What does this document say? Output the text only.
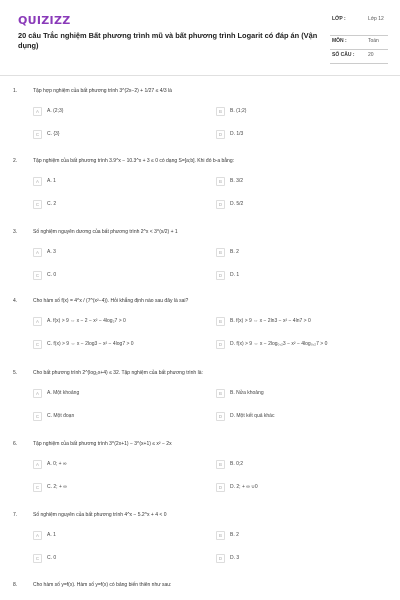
QUIZIZZ
20 câu Trắc nghiệm Bất phương trình mũ và bất phương trình Logarit có đáp án (Vận dụng)
LỚP :	Lớp 12
MÔN :	Toán
SỐ CÂU :	20
1.	Tập hợp nghiệm của bất phương trình 3^(2x−2) + 1/27 ≤ 4/3 là
A	A. (2;3)	B	B. (1;2)
C	C. {3}	D	D. 1/3
2.	Tập nghiệm của bất phương trình 3.9^x − 10.3^x + 3 ≤ 0 có dạng S=[a;b]. Khi đó b-a bằng:
A	A. 1	B	B. 3/2
C	C. 2	D	D. 5/2
3.	Số nghiệm nguyên dương của bất phương trình 2^x < 3^(x/2) + 1
A	A. 3	B	B. 2
C	C. 0	D	D. 1
4.	Cho hàm số f(x) = 4^x / (7^(x²−4)). Hỏi khẳng định nào sau đây là sai?
A	A. f(x) > 9 ⇔ x − 2 − x² − 4log₂7 > 0	B	B. f(x) > 9 ⇔ x − 2ln3 − x² − 4ln7 > 0
C	C. f(x) > 9 ⇔ x − 2log3 − x² − 4log7 > 0	D	D. f(x) > 9 ⇔ x − 2log₀,₂3 − x² − 4log₀,₂7 > 0
5.	Cho bất phương trình 2^(log₂x+4) ≤ 32. Tập nghiệm của bất phương trình là:
A	A. Một khoảng	B	B. Nửa khoảng
C	C. Một đoạn	D	D. Một kết quả khác
6.	Tập nghiệm của bất phương trình 3^(2x+1) − 3^(x+1) ≤ x² − 2x
A	A. 0; + ∞	B	B. 0;2
C	C. 2; + ∞	D	D. 2; + ∞ ∪0
7.	Số nghiệm nguyên của bất phương trình 4^x − 5.2^x + 4 < 0
A	A. 1	B	B. 2
C	C. 0	D	D. 3
8.	Cho hàm số y=f(x). Hàm số y=f(x) có bảng biến thiên như sau:
